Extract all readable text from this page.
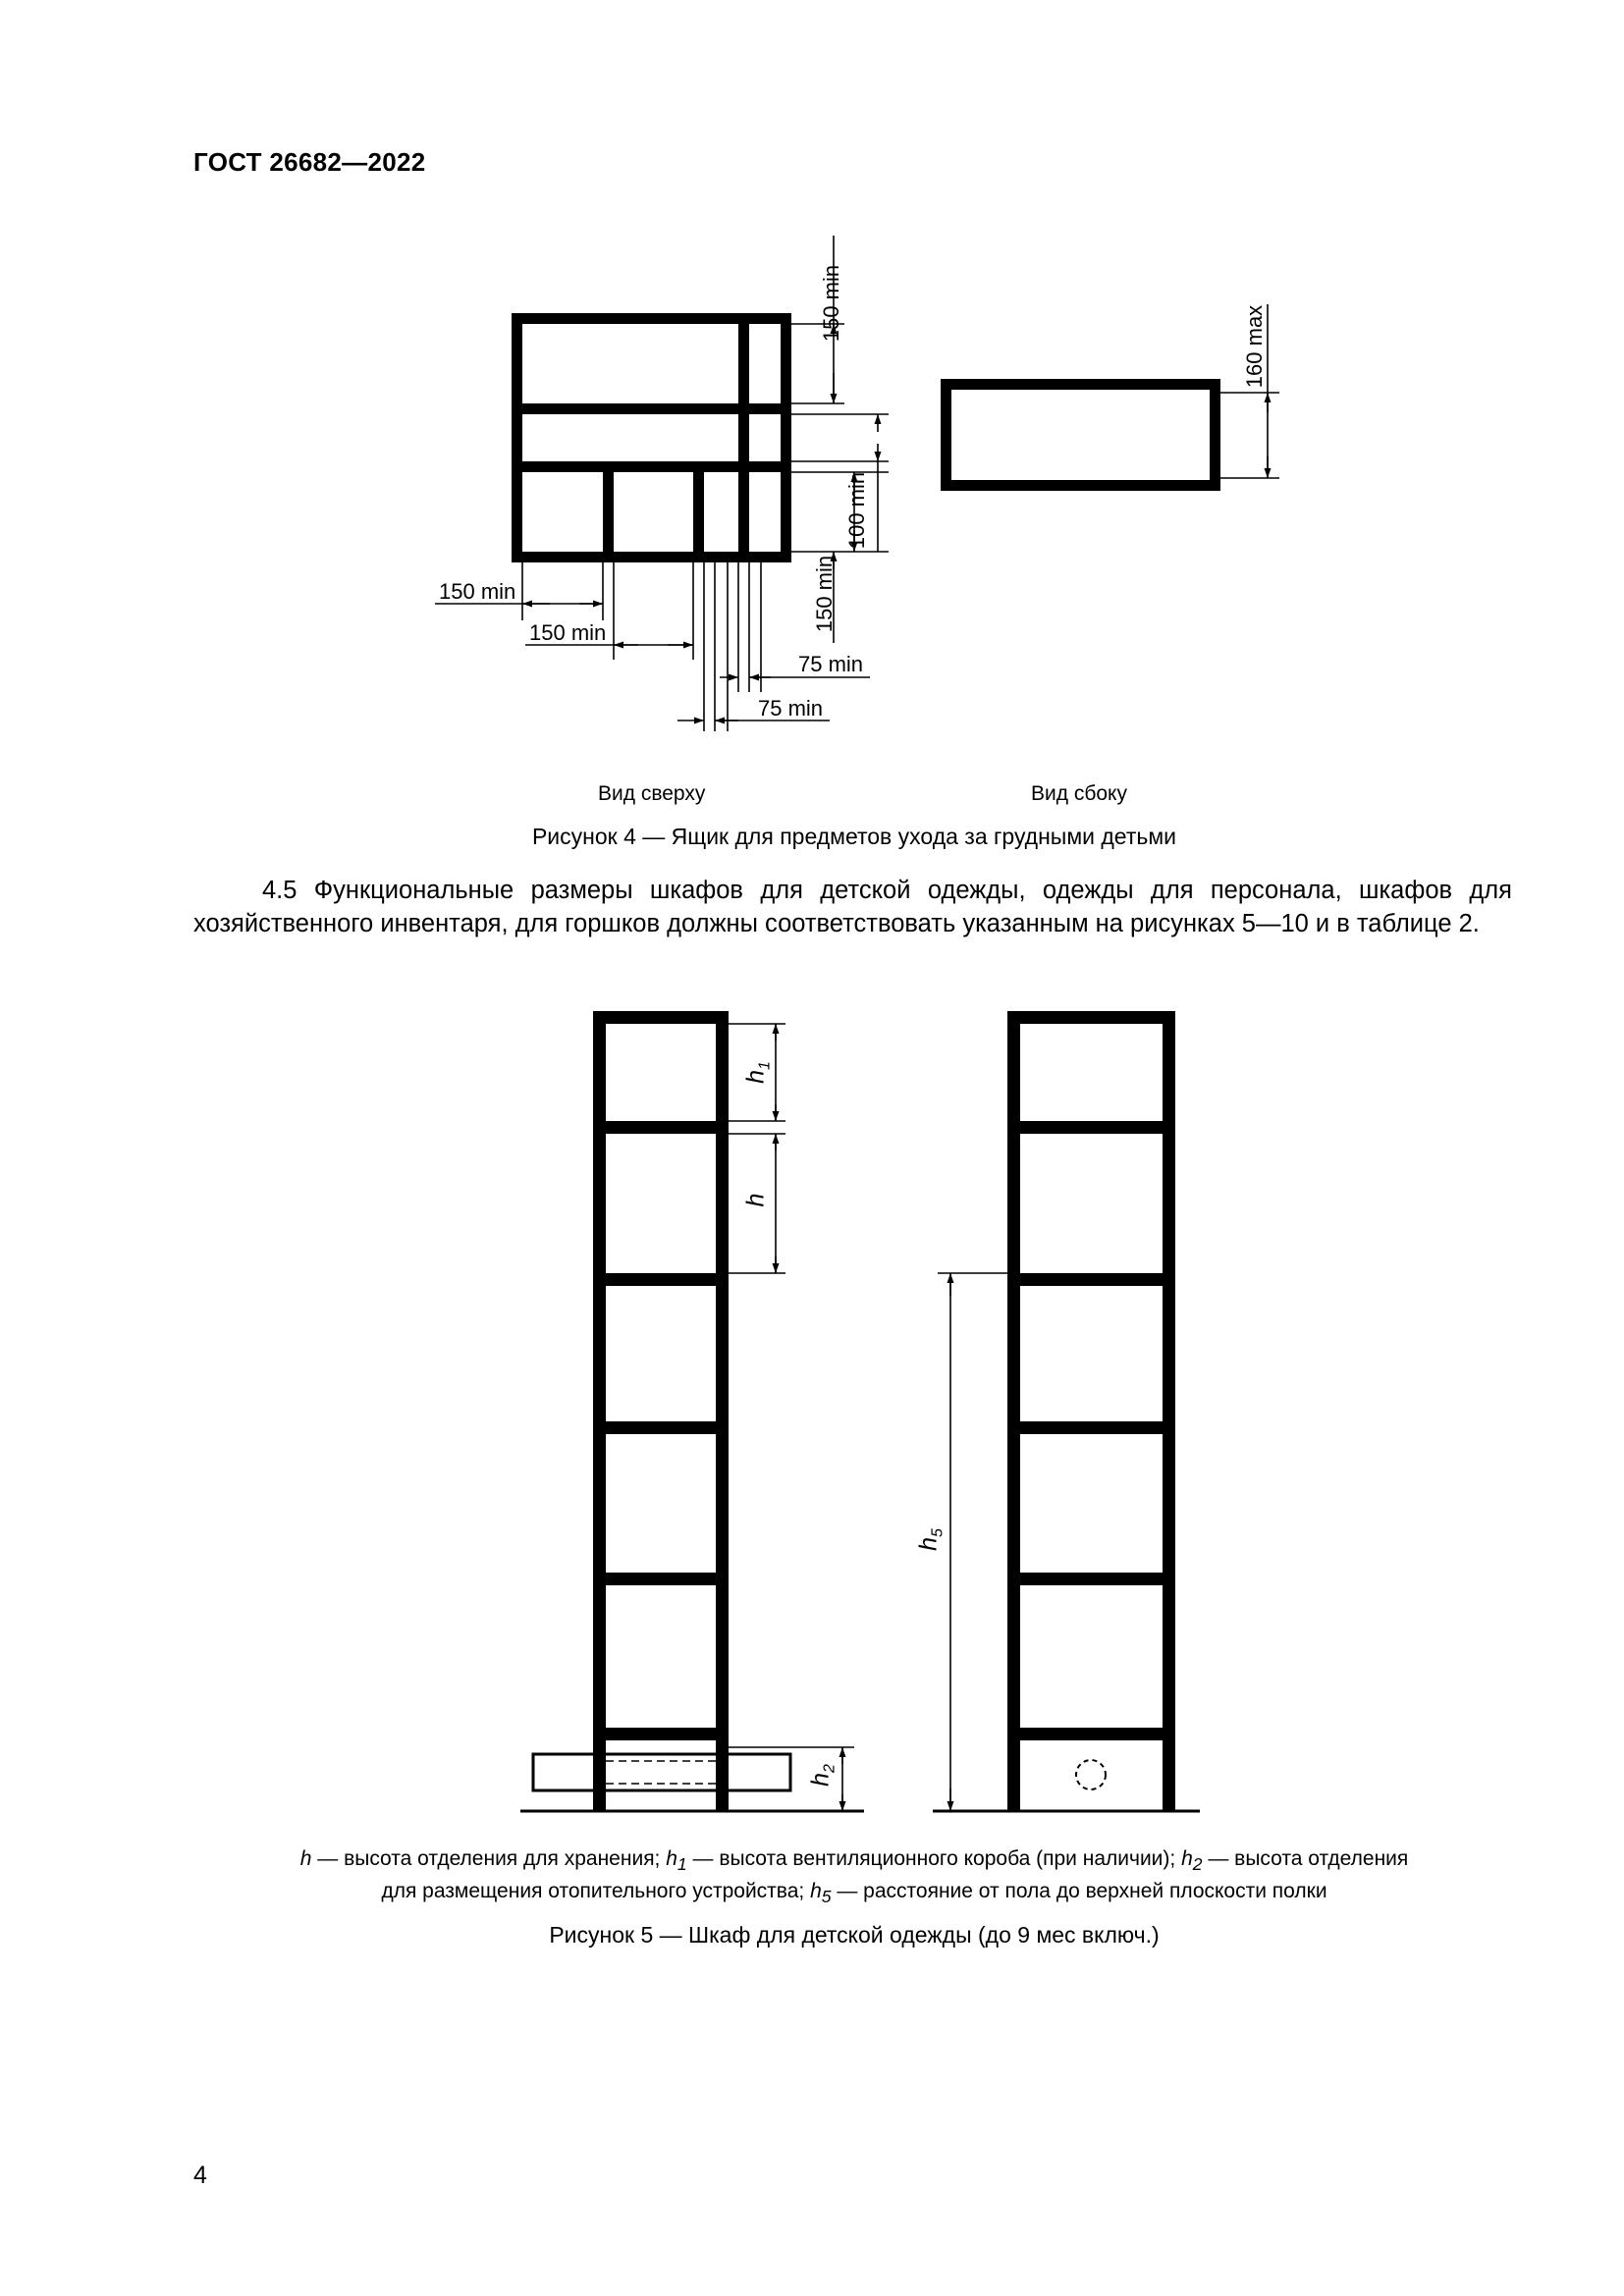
ГОСТ 26682—2022
150 min
100 min
150 min
160 max
150 min
150 min
75 min
75 min
Вид сверху	Вид сбоку
Рисунок 4 — Ящик для предметов ухода за грудными детьми
4.5 Функциональные размеры шкафов для детской одежды, одежды для персонала, шкафов для хозяйственного инвентаря, для горшков должны соответствовать указанным на рисунках 5—10 и в таблице 2.
$h_1$
h
$h_2$
$h_5$
h — высота отделения для хранения; $h_1$ — высота вентиляционного короба (при наличии); $h_2$ — высота отделения
для размещения отопительного устройства; $h_5$ — расстояние от пола до верхней плоскости полки
Рисунок 5 — Шкаф для детской одежды (до 9 мес включ.)
4
